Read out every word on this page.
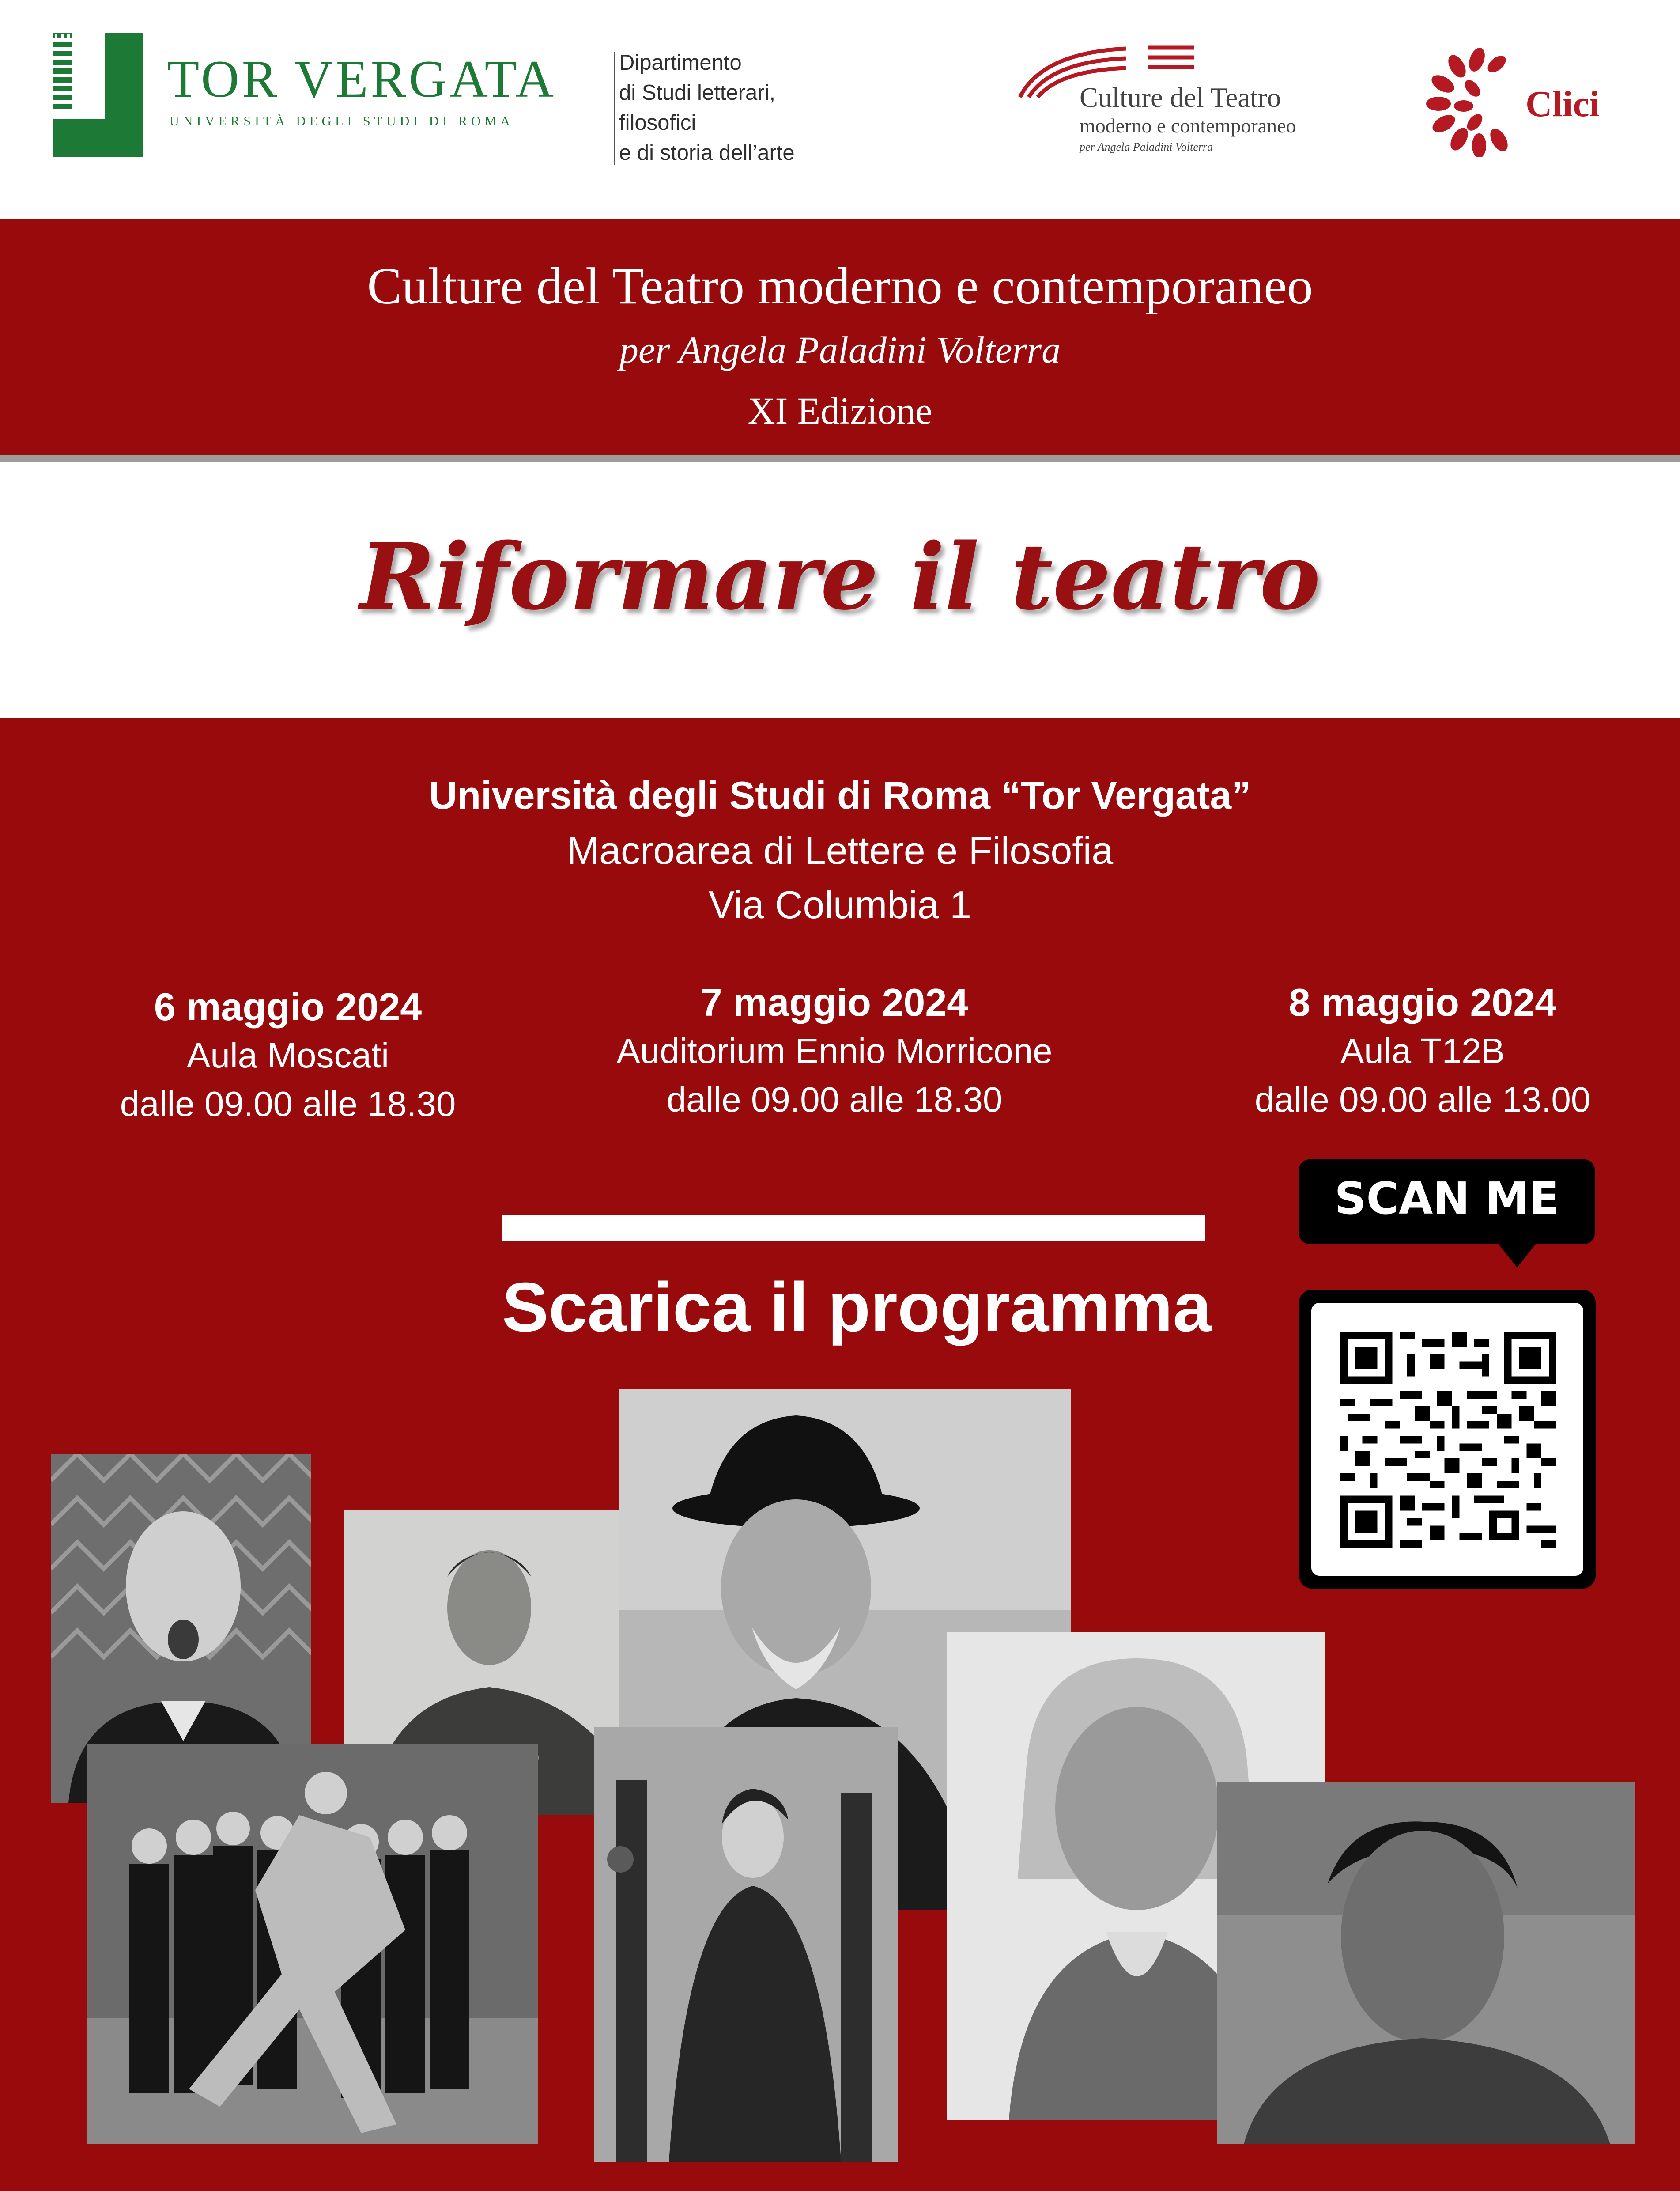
TOR VERGATA
UNIVERSITÀ DEGLI STUDI DI ROMA
Dipartimento
di Studi letterari,
filosofici
e di storia dell’arte
Culture del Teatro
moderno e contemporaneo
per Angela Paladini Volterra
Clici
Culture del Teatro moderno e contemporaneo
per Angela Paladini Volterra
XI Edizione
Riformare il teatro
Università degli Studi di Roma “Tor Vergata”
Macroarea di Lettere e Filosofia
Via Columbia 1
6 maggio 2024
Aula Moscati
dalle 09.00 alle 18.30
7 maggio 2024
Auditorium Ennio Morricone
dalle 09.00 alle 18.30
8 maggio 2024
Aula T12B
dalle 09.00 alle 13.00
Scarica il programma
SCAN ME
